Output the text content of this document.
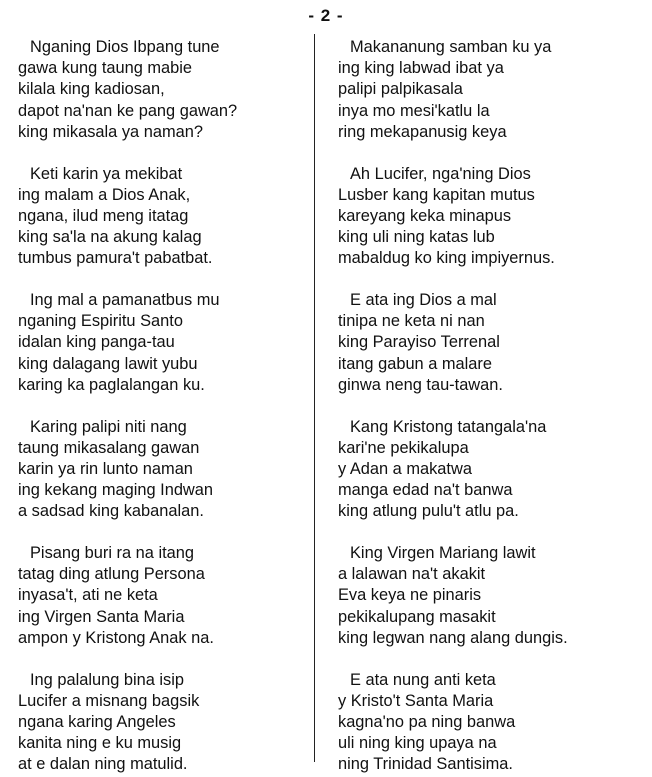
- 2 -
Nganing Dios Ibpang tune
gawa kung taung mabie
kilala king kadiosan,
dapot na'nan ke pang gawan?
king mikasala ya naman?
Keti karin ya mekibat
ing malam a Dios Anak,
ngana, ilud meng itatag
king sa'la na akung kalag
tumbus pamura't pabatbat.
Ing mal a pamanatbus mu
nganing Espiritu Santo
idalan king panga-tau
king dalagang lawit yubu
karing ka paglalangan ku.
Karing palipi niti nang
taung mikasalang gawan
karin ya rin lunto naman
ing kekang maging Indwan
a sadsad king kabanalan.
Pisang buri ra na itang
tatag ding atlung Persona
inyasa't, ati ne keta
ing Virgen Santa Maria
ampon y Kristong Anak na.
Ing palalung bina isip
Lucifer a misnang bagsik
ngana karing Angeles
kanita ning e ku musig
at e dalan ning matulid.
Makananung samban ku ya
ing king labwad ibat ya
palipi palpikasala
inya mo mesi'katlu la
ring mekapanusig keya
Ah Lucifer, nga'ning Dios
Lusber kang kapitan mutus
kareyang keka minapus
king uli ning katas lub
mabaldug ko king impiyernus.
E ata ing Dios a mal
tinipa ne keta ni nan
king Parayiso Terrenal
itang gabun a malare
ginwa neng tau-tawan.
Kang Kristong tatangala'na
kari'ne pekikalupa
y Adan a makatwa
manga edad na't banwa
king atlung pulu't atlu pa.
King Virgen Mariang lawit
a lalawan na't akakit
Eva keya ne pinaris
pekikalupang masakit
king legwan nang alang dungis.
E ata nung anti keta
y Kristo't Santa Maria
kagna'no pa ning banwa
uli ning king upaya na
ning Trinidad Santisima.
